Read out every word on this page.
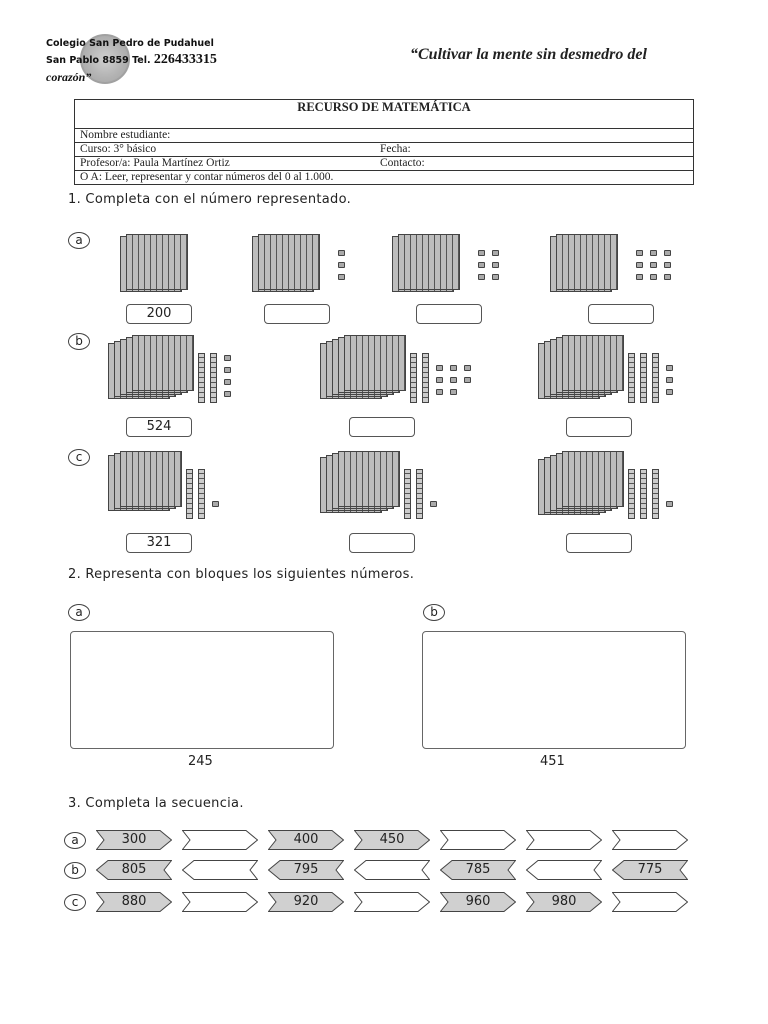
Colegio San Pedro de Pudahuel
San Pablo 8859 Tel. 226433315
corazón”
“Cultivar la mente sin desmedro del
RECURSO DE MATEMÁTICA	
Nombre estudiante:	
Curso: 3° básico	Fecha:
Profesor/a: Paula Martínez Ortiz	Contacto:
O A: Leer, representar y contar números del 0 al 1.000.	
1. Completa con el número representado.
a
200
b
524
c
321
2. Representa con bloques los siguientes números.
a
245
b
451
3. Completa la secuencia.
a	300	400	450
b	805	795	785	775
c	880	920	960	980
